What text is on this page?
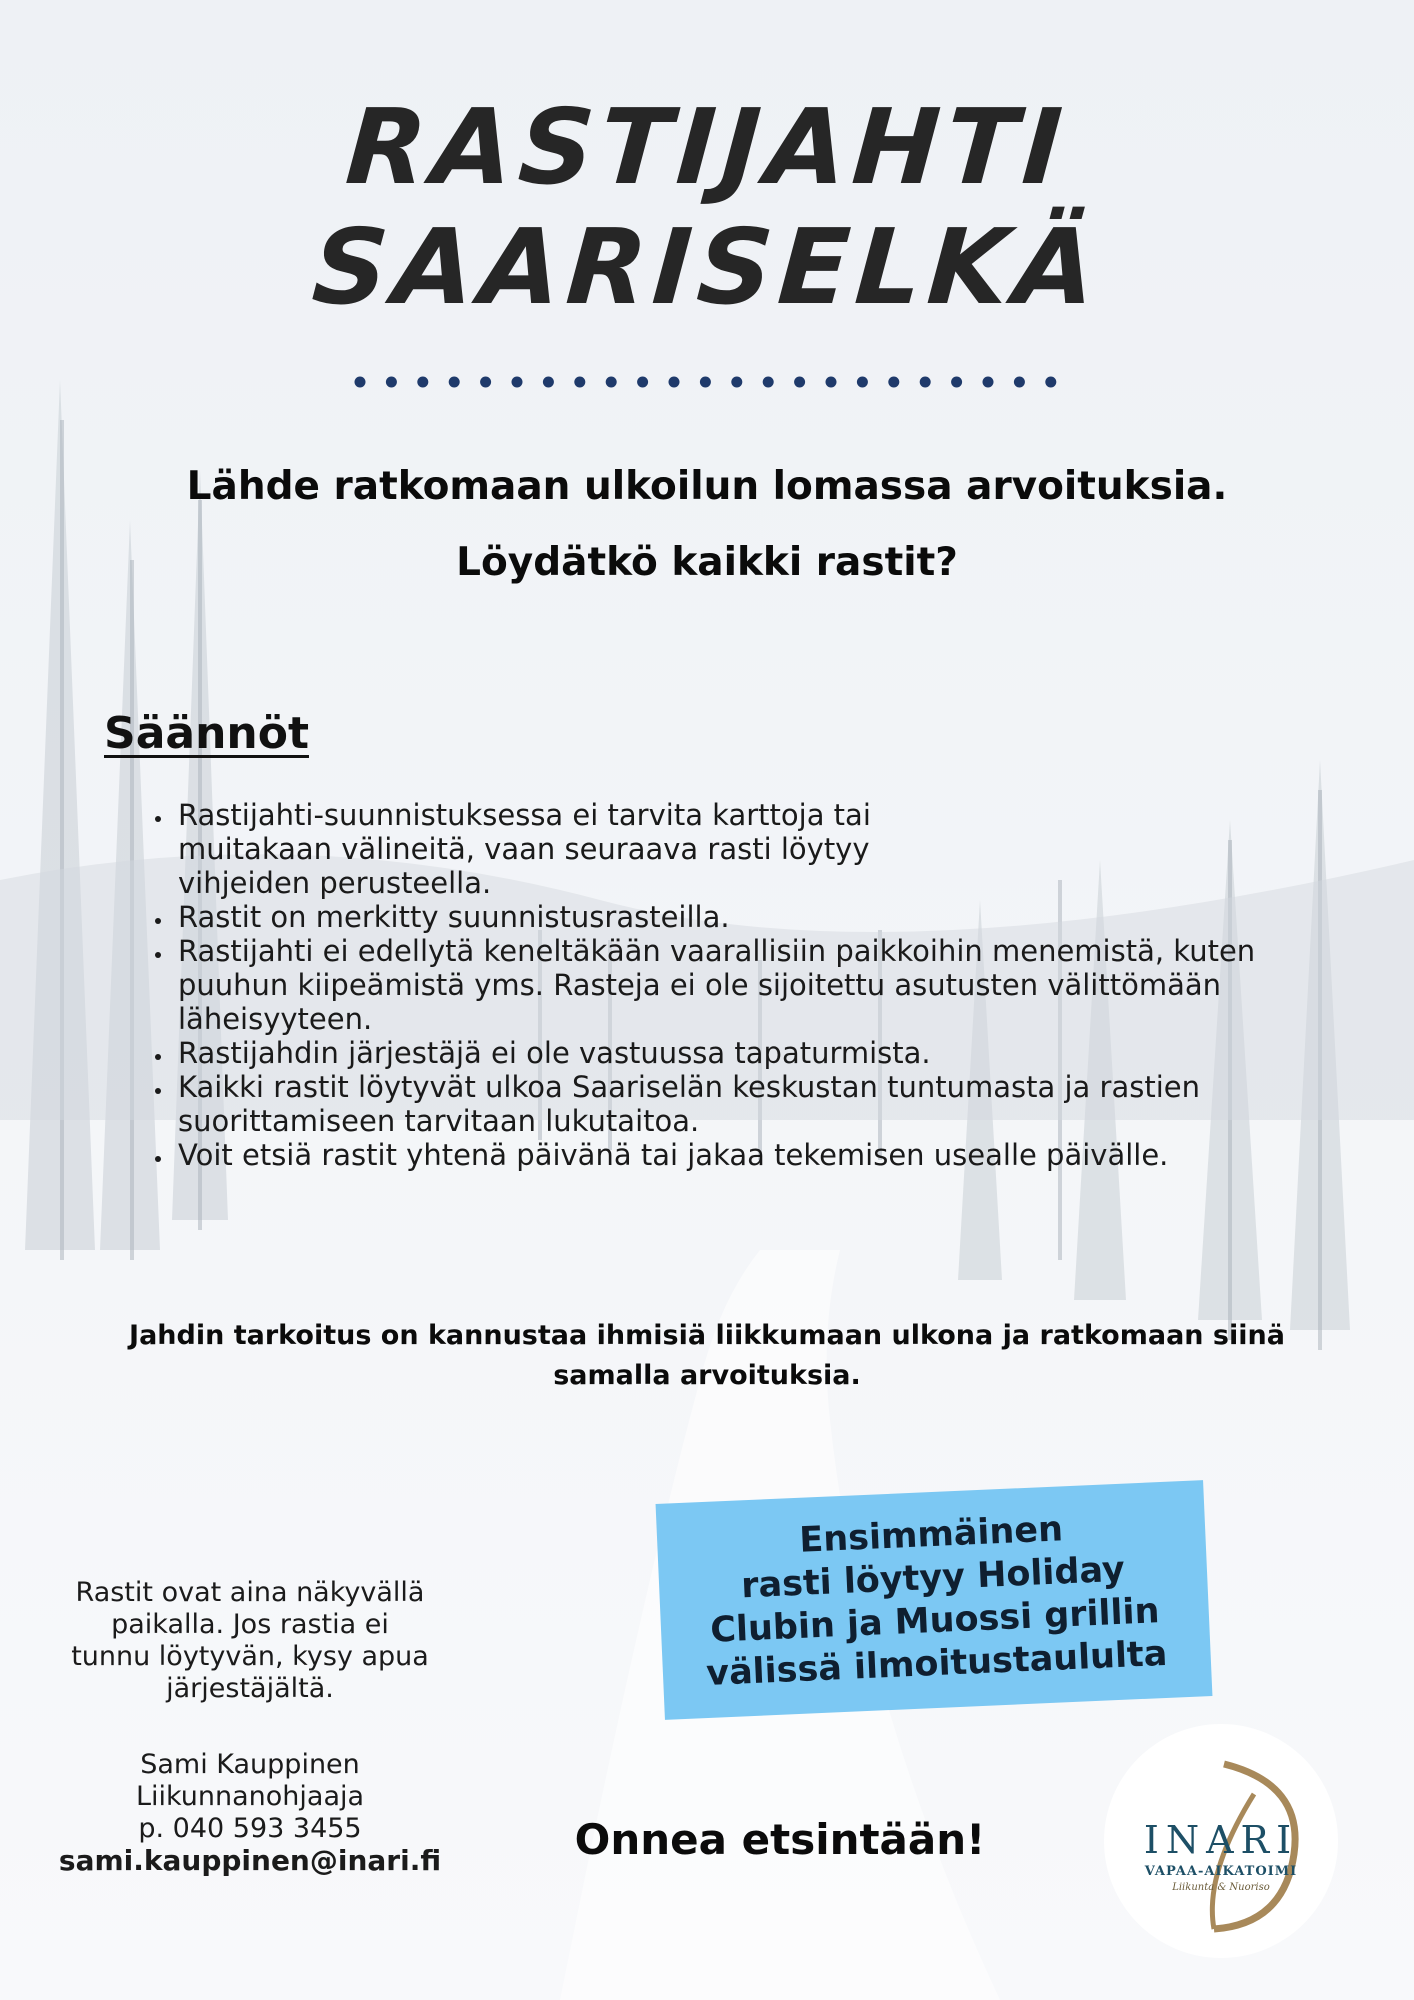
RASTIJAHTI
SAARISELKÄ
Lähde ratkomaan ulkoilun lomassa arvoituksia.
Löydätkö kaikki rastit?
Säännöt
• Rastijahti-suunnistuksessa ei tarvita karttoja tai muitakaan välineitä, vaan seuraava rasti löytyy vihjeiden perusteella.
• Rastit on merkitty suunnistusrasteilla.
• Rastijahti ei edellytä keneltäkään vaarallisiin paikkoihin menemistä, kuten puuhun kiipeämistä yms. Rasteja ei ole sijoitettu asutusten välittömään läheisyyteen.
• Rastijahdin järjestäjä ei ole vastuussa tapaturmista.
• Kaikki rastit löytyvät ulkoa Saariselän keskustan tuntumasta ja rastien suorittamiseen tarvitaan lukutaitoa.
• Voit etsiä rastit yhtenä päivänä tai jakaa tekemisen usealle päivälle.
Jahdin tarkoitus on kannustaa ihmisiä liikkumaan ulkona ja ratkomaan siinä samalla arvoituksia.
Ensimmäinen
rasti löytyy Holiday
Clubin ja Muossi grillin
välissä ilmoitustaululta

Rastit ovat aina näkyvällä
paikalla. Jos rastia ei
tunnu löytyvän, kysy apua
järjestäjältä.

Sami Kauppinen
Liikunnanohjaaja
p. 040 593 3455
sami.kauppinen@inari.fi	Onnea etsintään!	INARI
VAPAA-AIKATOIMI
Liikunta & Nuoriso
